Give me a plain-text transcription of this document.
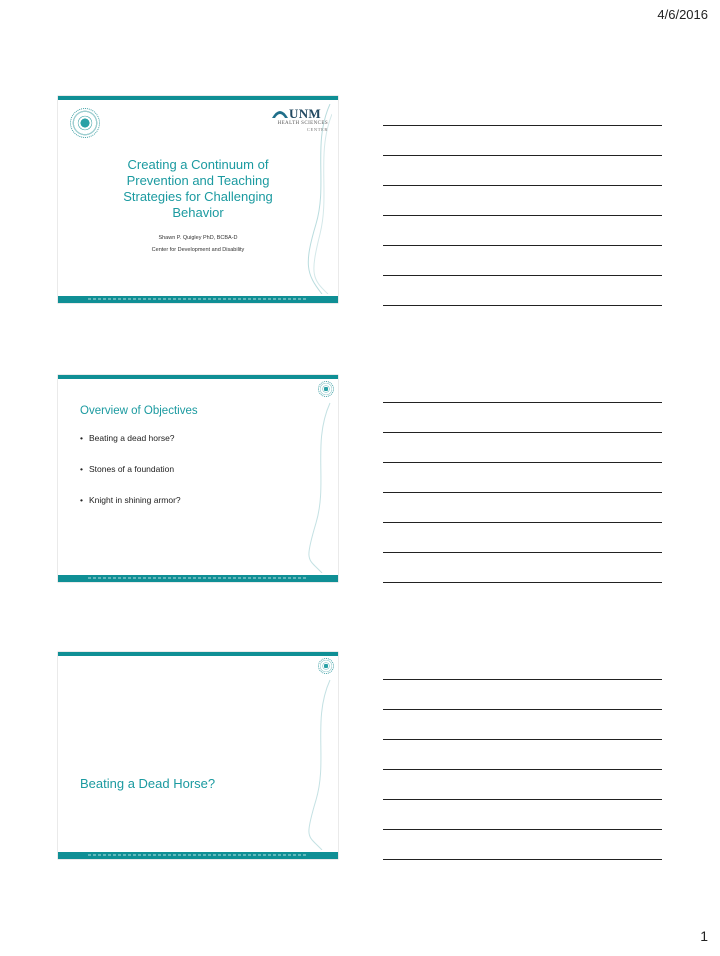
4/6/2016
UNM
HEALTH SCIENCES
CENTER
Creating a Continuum of Prevention and Teaching Strategies for Challenging Behavior
Shawn P. Quigley PhD, BCBA-D
Center for Development and Disability
Overview of Objectives
• Beating a dead horse?
• Stones of a foundation
• Knight in shining armor?
Beating a Dead Horse?
1
